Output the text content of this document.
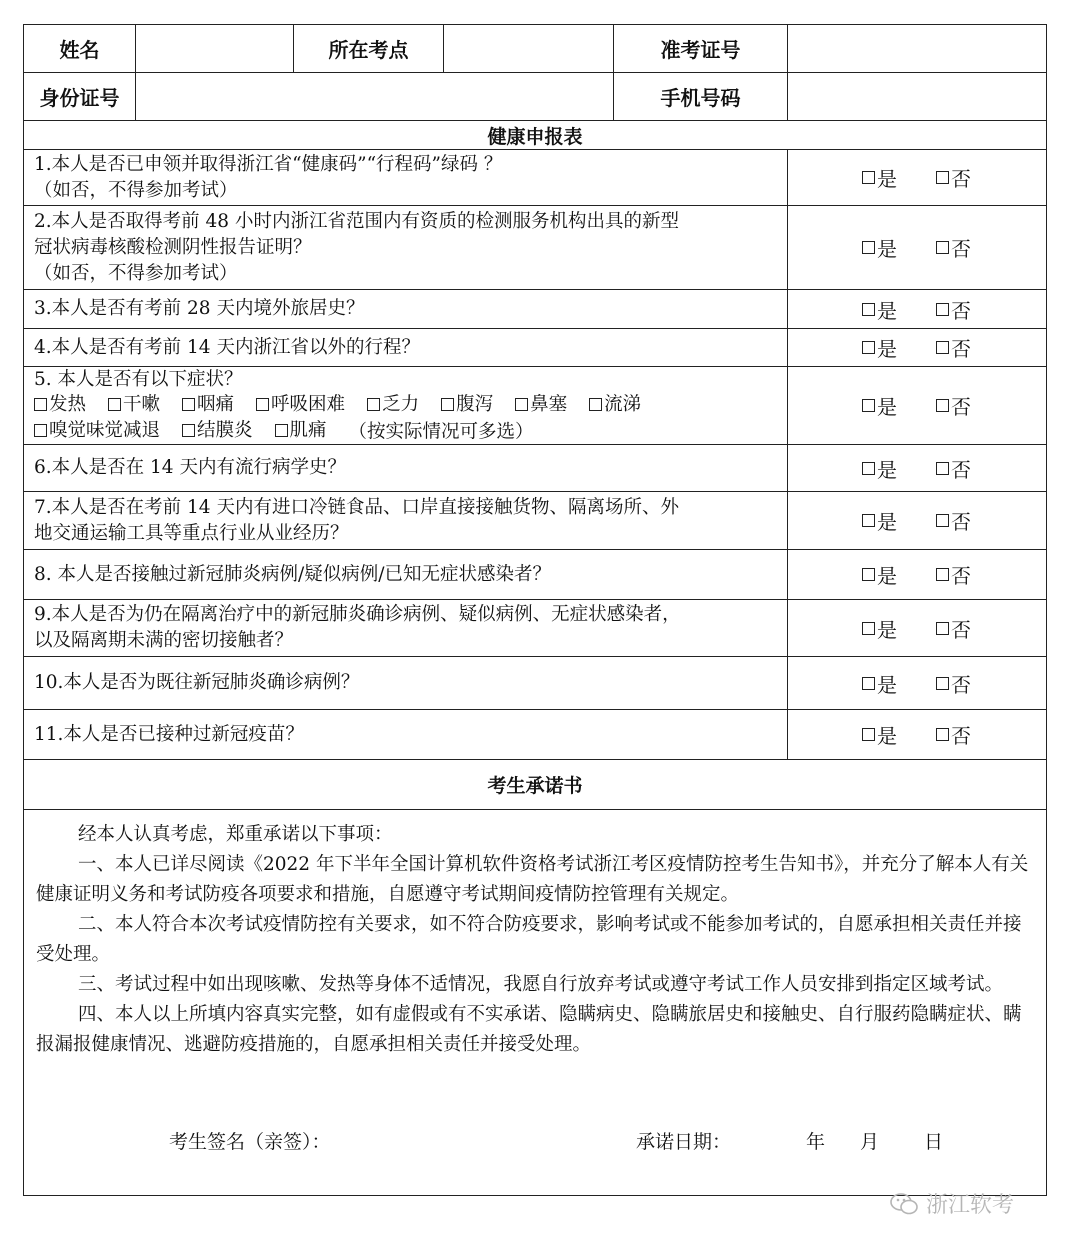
姓名	所在考点	准考证号
身份证号	手机号码
健康申报表
1.本人是否已申领并取得浙江省“健康码”“行程码”绿码 ？
（如否，不得参加考试）	是	否
2.本人是否取得考前 48 小时内浙江省范围内有资质的检测服务机构出具的新型
冠状病毒核酸检测阴性报告证明？
（如否，不得参加考试）
是	否
3.本人是否有考前 28 天内境外旅居史？	是	否
4.本人是否有考前 14 天内浙江省以外的行程？	是	否
5. 本人是否有以下症状？
发热 干嗽 咽痛 呼吸困难 乏力 腹泻 鼻塞 流涕
嗅觉味觉减退 结膜炎 肌痛 （按实际情况可多选）
是	否
6.本人是否在 14 天内有流行病学史？	是	否
7.本人是否在考前 14 天内有进口冷链食品、口岸直接接触货物、隔离场所、外
地交通运输工具等重点行业从业经历？	是	否
8. 本人是否接触过新冠肺炎病例/疑似病例/已知无症状感染者？	是	否
9.本人是否为仍在隔离治疗中的新冠肺炎确诊病例、疑似病例、无症状感染者，
以及隔离期未满的密切接触者？	是	否
10.本人是否为既往新冠肺炎确诊病例？	是	否
11.本人是否已接种过新冠疫苗？	是	否
考生承诺书

经本人认真考虑，郑重承诺以下事项：

一、本人已详尽阅读《2022 年下半年全国计算机软件资格考试浙江考区疫情防控考生告知书》，并充分了解本人有关健康证明义务和考试防疫各项要求和措施，自愿遵守考试期间疫情防控管理有关规定。

二、本人符合本次考试疫情防控有关要求，如不符合防疫要求，影响考试或不能参加考试的，自愿承担相关责任并接受处理。

三、考试过程中如出现咳嗽、发热等身体不适情况，我愿自行放弃考试或遵守考试工作人员安排到指定区域考试。

四、本人以上所填内容真实完整，如有虚假或有不实承诺、隐瞒病史、隐瞒旅居史和接触史、自行服药隐瞒症状、瞒报漏报健康情况、逃避防疫措施的，自愿承担相关责任并接受处理。

考生签名（亲签）：	承诺日期：	年 月 日
浙江软考
